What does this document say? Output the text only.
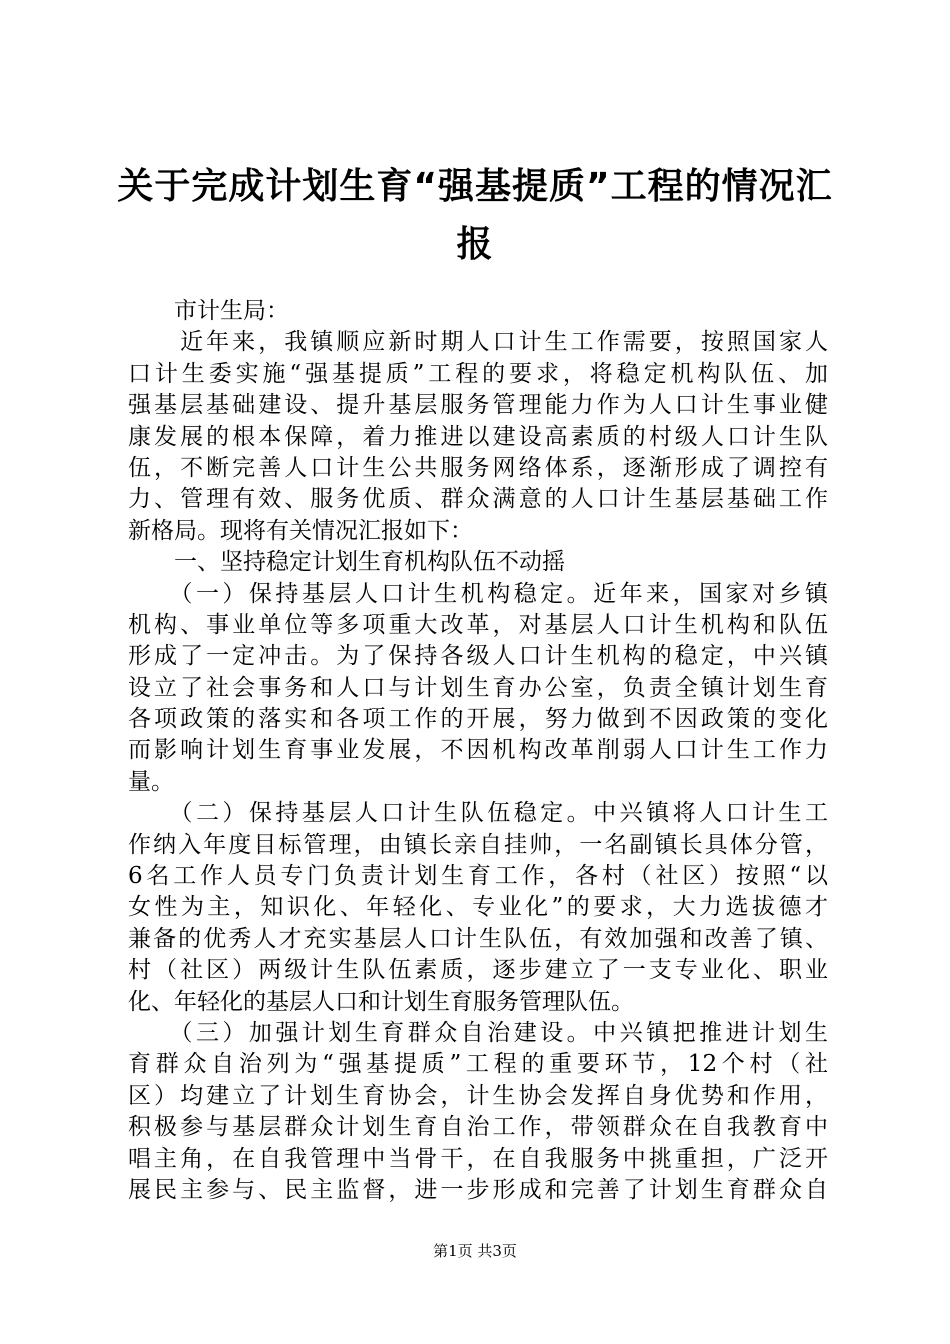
关于完成计划生育“强基提质”工程的情况汇
报
　　市计生局：
　　近年来，我镇顺应新时期人口计生工作需要，按照国家人
口计生委实施“强基提质”工程的要求，将稳定机构队伍、加
强基层基础建设、提升基层服务管理能力作为人口计生事业健
康发展的根本保障，着力推进以建设高素质的村级人口计生队
伍，不断完善人口计生公共服务网络体系，逐渐形成了调控有
力、管理有效、服务优质、群众满意的人口计生基层基础工作
新格局。现将有关情况汇报如下：
　　一、坚持稳定计划生育机构队伍不动摇
　　（一）保持基层人口计生机构稳定。近年来，国家对乡镇
机构、事业单位等多项重大改革，对基层人口计生机构和队伍
形成了一定冲击。为了保持各级人口计生机构的稳定，中兴镇
设立了社会事务和人口与计划生育办公室，负责全镇计划生育
各项政策的落实和各项工作的开展，努力做到不因政策的变化
而影响计划生育事业发展，不因机构改革削弱人口计生工作力
量。
　　（二）保持基层人口计生队伍稳定。中兴镇将人口计生工
作纳入年度目标管理，由镇长亲自挂帅，一名副镇长具体分管，
6名工作人员专门负责计划生育工作，各村（社区）按照“以
女性为主，知识化、年轻化、专业化”的要求，大力选拔德才
兼备的优秀人才充实基层人口计生队伍，有效加强和改善了镇、
村（社区）两级计生队伍素质，逐步建立了一支专业化、职业
化、年轻化的基层人口和计划生育服务管理队伍。
　　（三）加强计划生育群众自治建设。中兴镇把推进计划生
育群众自治列为“强基提质”工程的重要环节，12个村（社
区）均建立了计划生育协会，计生协会发挥自身优势和作用，
积极参与基层群众计划生育自治工作，带领群众在自我教育中
唱主角，在自我管理中当骨干，在自我服务中挑重担，广泛开
展民主参与、民主监督，进一步形成和完善了计划生育群众自
第1页 共3页
